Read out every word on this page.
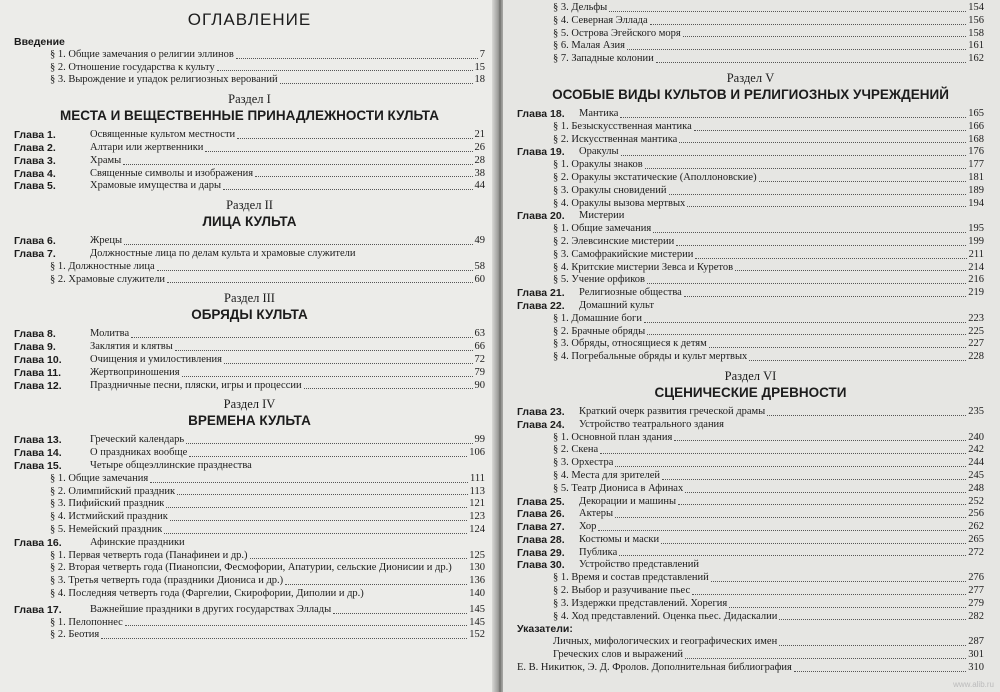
ОГЛАВЛЕНИЕ
Введение
§ 1. Общие замечания о религии эллинов	7
§ 2. Отношение государства к культу	15
§ 3. Вырождение и упадок религиозных верований	18
Раздел I
МЕСТА И ВЕЩЕСТВЕННЫЕ ПРИНАДЛЕЖНОСТИ КУЛЬТА
Глава 1.	Освященные культом местности	21
Глава 2.	Алтари или жертвенники	26
Глава 3.	Храмы	28
Глава 4.	Священные символы и изображения	38
Глава 5.	Храмовые имущества и дары	44
Раздел II
ЛИЦА КУЛЬТА
Глава 6.	Жрецы	49
Глава 7.	Должностные лица по делам культа и храмовые служители
§ 1. Должностные лица	58
§ 2. Храмовые служители	60
Раздел III
ОБРЯДЫ КУЛЬТА
Глава 8.	Молитва	63
Глава 9.	Заклятия и клятвы	66
Глава 10.	Очищения и умилостивления	72
Глава 11.	Жертвоприношения	79
Глава 12.	Праздничные песни, пляски, игры и процессии	90
Раздел IV
ВРЕМЕНА КУЛЬТА
Глава 13.	Греческий календарь	99
Глава 14.	О праздниках вообще	106
Глава 15.	Четыре общеэллинские празднества
§ 1. Общие замечания	111
§ 2. Олимпийский праздник	113
§ 3. Пифийский праздник	121
§ 4. Истмийский праздник	123
§ 5. Немейский праздник	124
Глава 16.	Афинские праздники
§ 1. Первая четверть года (Панафинеи и др.)	125
§ 2. Вторая четверть года (Пианопсии, Фесмофории, Апатурии, сельские Дионисии и др.)	130
§ 3. Третья четверть года (праздники Диониса и др.)	136
§ 4. Последняя четверть года (Фаргелии, Скирофории, Диполии и др.)	140
Глава 17.	Важнейшие праздники в других государствах Эллады	145
§ 1. Пелопоннес	145
§ 2. Беотия	152
§ 3. Дельфы	154
§ 4. Северная Эллада	156
§ 5. Острова Эгейского моря	158
§ 6. Малая Азия	161
§ 7. Западные колонии	162
Раздел V
ОСОБЫЕ ВИДЫ КУЛЬТОВ И РЕЛИГИОЗНЫХ УЧРЕЖДЕНИЙ
Глава 18.	Мантика	165
§ 1. Безыскусственная мантика	166
§ 2. Искусственная мантика	168
Глава 19.	Оракулы	176
§ 1. Оракулы знаков	177
§ 2. Оракулы экстатические (Аполлоновские)	181
§ 3. Оракулы сновидений	189
§ 4. Оракулы вызова мертвых	194
Глава 20.	Мистерии
§ 1. Общие замечания	195
§ 2. Элевсинские мистерии	199
§ 3. Самофракийские мистерии	211
§ 4. Критские мистерии Зевса и Куретов	214
§ 5. Учение орфиков	216
Глава 21.	Религиозные общества	219
Глава 22.	Домашний культ
§ 1. Домашние боги	223
§ 2. Брачные обряды	225
§ 3. Обряды, относящиеся к детям	227
§ 4. Погребальные обряды и культ мертвых	228
Раздел VI
СЦЕНИЧЕСКИЕ ДРЕВНОСТИ
Глава 23.	Краткий очерк развития греческой драмы	235
Глава 24.	Устройство театрального здания
§ 1. Основной план здания	240
§ 2. Скена	242
§ 3. Орхестра	244
§ 4. Места для зрителей	245
§ 5. Театр Диониса в Афинах	248
Глава 25.	Декорации и машины	252
Глава 26.	Актеры	256
Глава 27.	Хор	262
Глава 28.	Костюмы и маски	265
Глава 29.	Публика	272
Глава 30.	Устройство представлений
§ 1. Время и состав представлений	276
§ 2. Выбор и разучивание пьес	277
§ 3. Издержки представлений. Хорегия	279
§ 4. Ход представлений. Оценка пьес. Дидаскалии	282
Указатели:
Личных, мифологических и географических имен	287
Греческих слов и выражений	301
Е. В. Никитюк, Э. Д. Фролов. Дополнительная библиография	310
www.alib.ru
